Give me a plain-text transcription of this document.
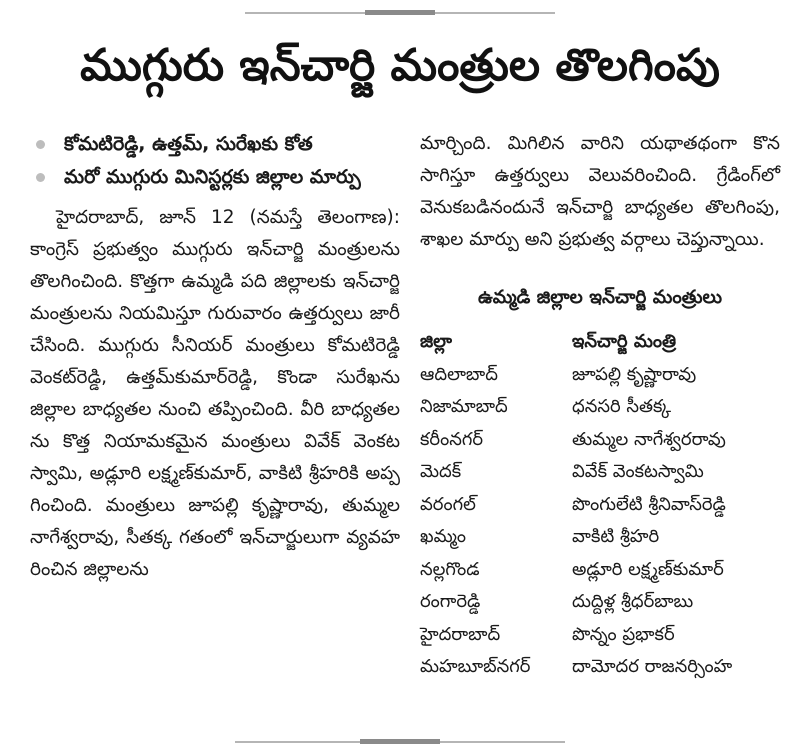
ముగ్గురు ఇన్‌చార్జి మంత్రుల తొలగింపు
కోమటిరెడ్డి, ఉత్తమ్‌, సురేఖకు కోత
మరో ముగ్గురు మినిస్టర్లకు జిల్లాల మార్పు

హైదరాబాద్‌, జూన్‌ 12 (నమస్తే తెలంగాణ): కాంగ్రెస్‌ ప్రభుత్వం ముగ్గురు ఇన్‌చార్జి మంత్రులను తొలగించింది. కొత్తగా ఉమ్మడి పది జిల్లాలకు ఇన్‌చార్జి మంత్రులను నియమిస్తూ గురువారం ఉత్తర్వులు జారీ చేసింది. ముగ్గురు సీనియర్‌ మంత్రులు కోమటిరెడ్డి వెంకట్‌రెడ్డి, ఉత్తమ్‌కుమార్‌రెడ్డి, కొండా సురేఖను జిల్లాల బాధ్యతల నుంచి తప్పించింది. వీరి బాధ్యతలను కొత్త నియామకమైన మంత్రులు వివేక్‌ వెంకటస్వామి, అడ్లూరి లక్ష్మణ్‌కుమార్‌, వాకిటి శ్రీహరికి అప్పగించింది. మంత్రులు జూపల్లి కృష్ణారావు, తుమ్మల నాగేశ్వరావు, సీతక్క గతంలో ఇన్‌చార్జులుగా వ్యవహరించిన జిల్లాలను

మార్చింది. మిగిలిన వారిని యథాతథంగా కొనసాగిస్తూ ఉత్తర్వులు వెలువరించింది. గ్రేడింగ్‌లో వెనుకబడినందునే ఇన్‌చార్జి బాధ్యతల తొలగింపు, శాఖల మార్పు అని ప్రభుత్వ వర్గాలు చెప్తున్నాయి.

ఉమ్మడి జిల్లాల ఇన్‌చార్జి మంత్రులు
జిల్లా	ఇన్‌చార్జి మంత్రి
ఆదిలాబాద్‌	జూపల్లి కృష్ణారావు
నిజామాబాద్‌	ధనసరి సీతక్క
కరీంనగర్‌	తుమ్మల నాగేశ్వరరావు
మెదక్‌	వివేక్‌ వెంకటస్వామి
వరంగల్‌	పొంగులేటి శ్రీనివాస్‌రెడ్డి
ఖమ్మం	వాకిటి శ్రీహరి
నల్లగొండ	అడ్లూరి లక్ష్మణ్‌కుమార్‌
రంగారెడ్డి	దుద్దిళ్ల శ్రీధర్‌బాబు
హైదరాబాద్‌	పొన్నం ప్రభాకర్‌
మహబూబ్‌నగర్‌	దామోదర రాజనర్సింహ
